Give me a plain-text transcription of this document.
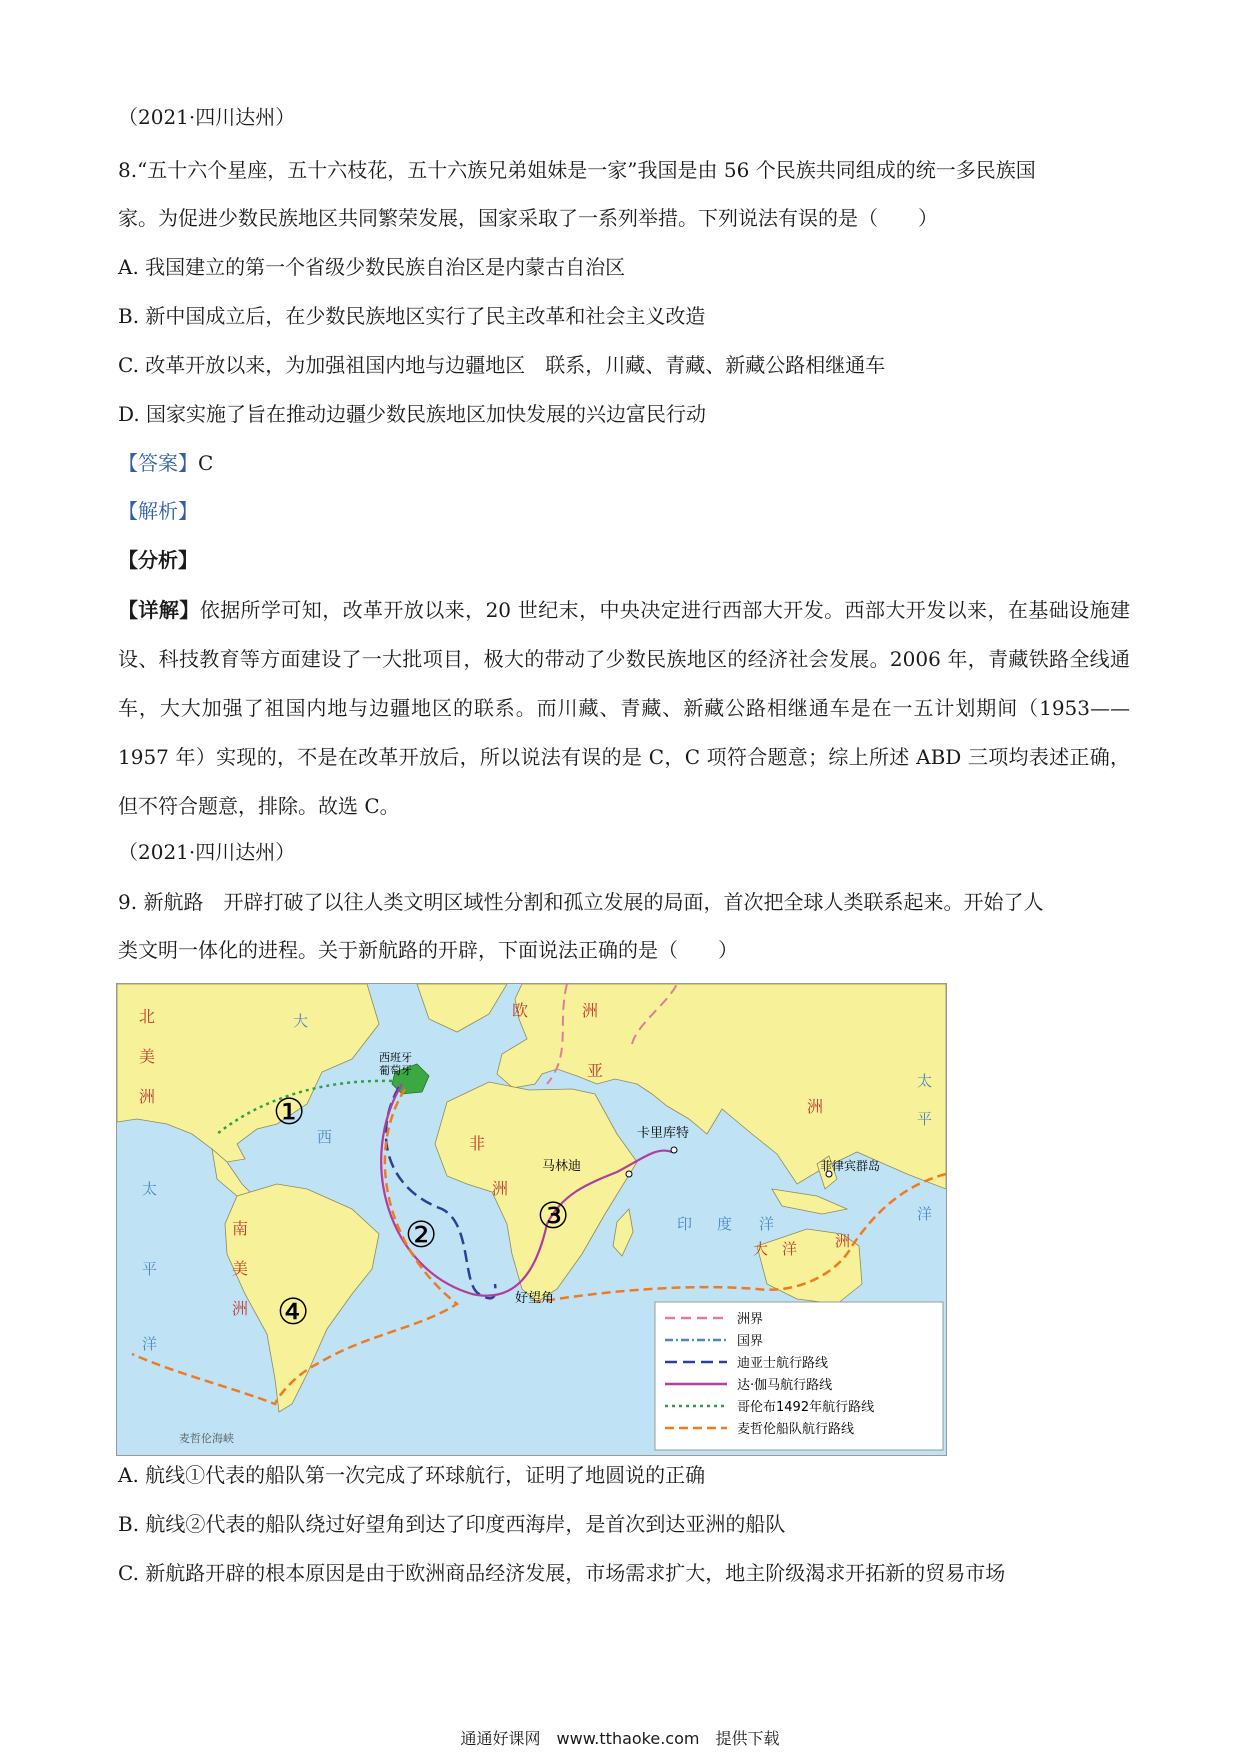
（2021·四川达州）
8.“五十六个星座，五十六枝花，五十六族兄弟姐妹是一家”我国是由 56 个民族共同组成的统一多民族国
家。为促进少数民族地区共同繁荣发展，国家采取了一系列举措。下列说法有误的是（　　）
A. 我国建立的第一个省级少数民族自治区是内蒙古自治区
B. 新中国成立后，在少数民族地区实行了民主改革和社会主义改造
C. 改革开放以来，为加强祖国内地与边疆地区　联系，川藏、青藏、新藏公路相继通车
D. 国家实施了旨在推动边疆少数民族地区加快发展的兴边富民行动
【答案】C
【解析】
【分析】
【详解】依据所学可知，改革开放以来，20 世纪末，中央决定进行西部大开发。西部大开发以来，在基础设施建设、科技教育等方面建设了一大批项目，极大的带动了少数民族地区的经济社会发展。2006 年，青藏铁路全线通车，大大加强了祖国内地与边疆地区的联系。而川藏、青藏、新藏公路相继通车是在一五计划期间（1953——1957 年）实现的，不是在改革开放后，所以说法有误的是 C，C 项符合题意；综上所述 ABD 三项均表述正确，但不符合题意，排除。故选 C。
（2021·四川达州）
9. 新航路　开辟打破了以往人类文明区域性分割和孤立发展的局面，首次把全球人类联系起来。开始了人
类文明一体化的进程。关于新航路的开辟，下面说法正确的是（　　）
西班牙
葡萄牙
卡里库特
马林迪
好望角
菲律宾群岛
麦哲伦海峡
北
美
洲
南
美
洲
非
洲
欧	洲
亚
洲
大 洋	洲
大
西
太
平
洋
太
平
洋
印 度 洋
①
②	③
④	洲界
国界
迪亚士航行路线
达·伽马航行路线
哥伦布1492年航行路线
麦哲伦船队航行路线
A. 航线①代表的船队第一次完成了环球航行，证明了地圆说的正确
B. 航线②代表的船队绕过好望角到达了印度西海岸，是首次到达亚洲的船队
C. 新航路开辟的根本原因是由于欧洲商品经济发展，市场需求扩大，地主阶级渴求开拓新的贸易市场
通通好课网　www.tthaoke.com　提供下载
